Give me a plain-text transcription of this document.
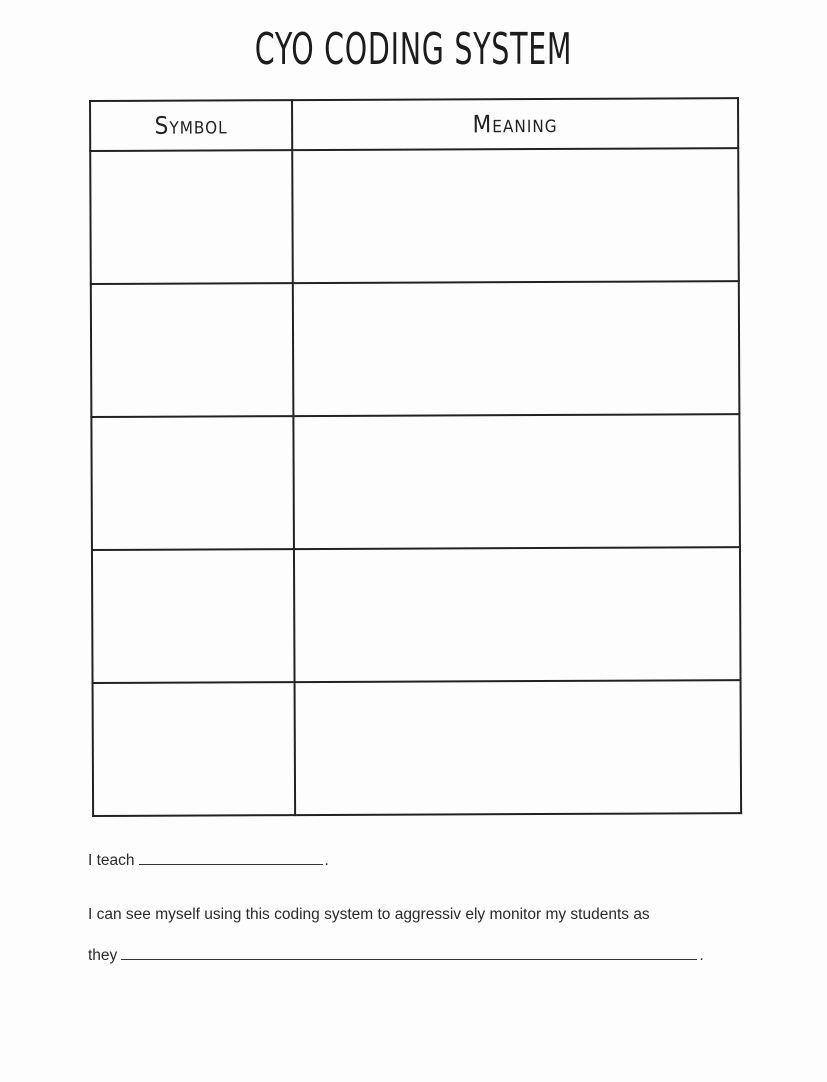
CYO CODING SYSTEM
Symbol	Meaning

I teach	.
I can see myself using this coding system to aggressiv ely monitor my students as
they	.
